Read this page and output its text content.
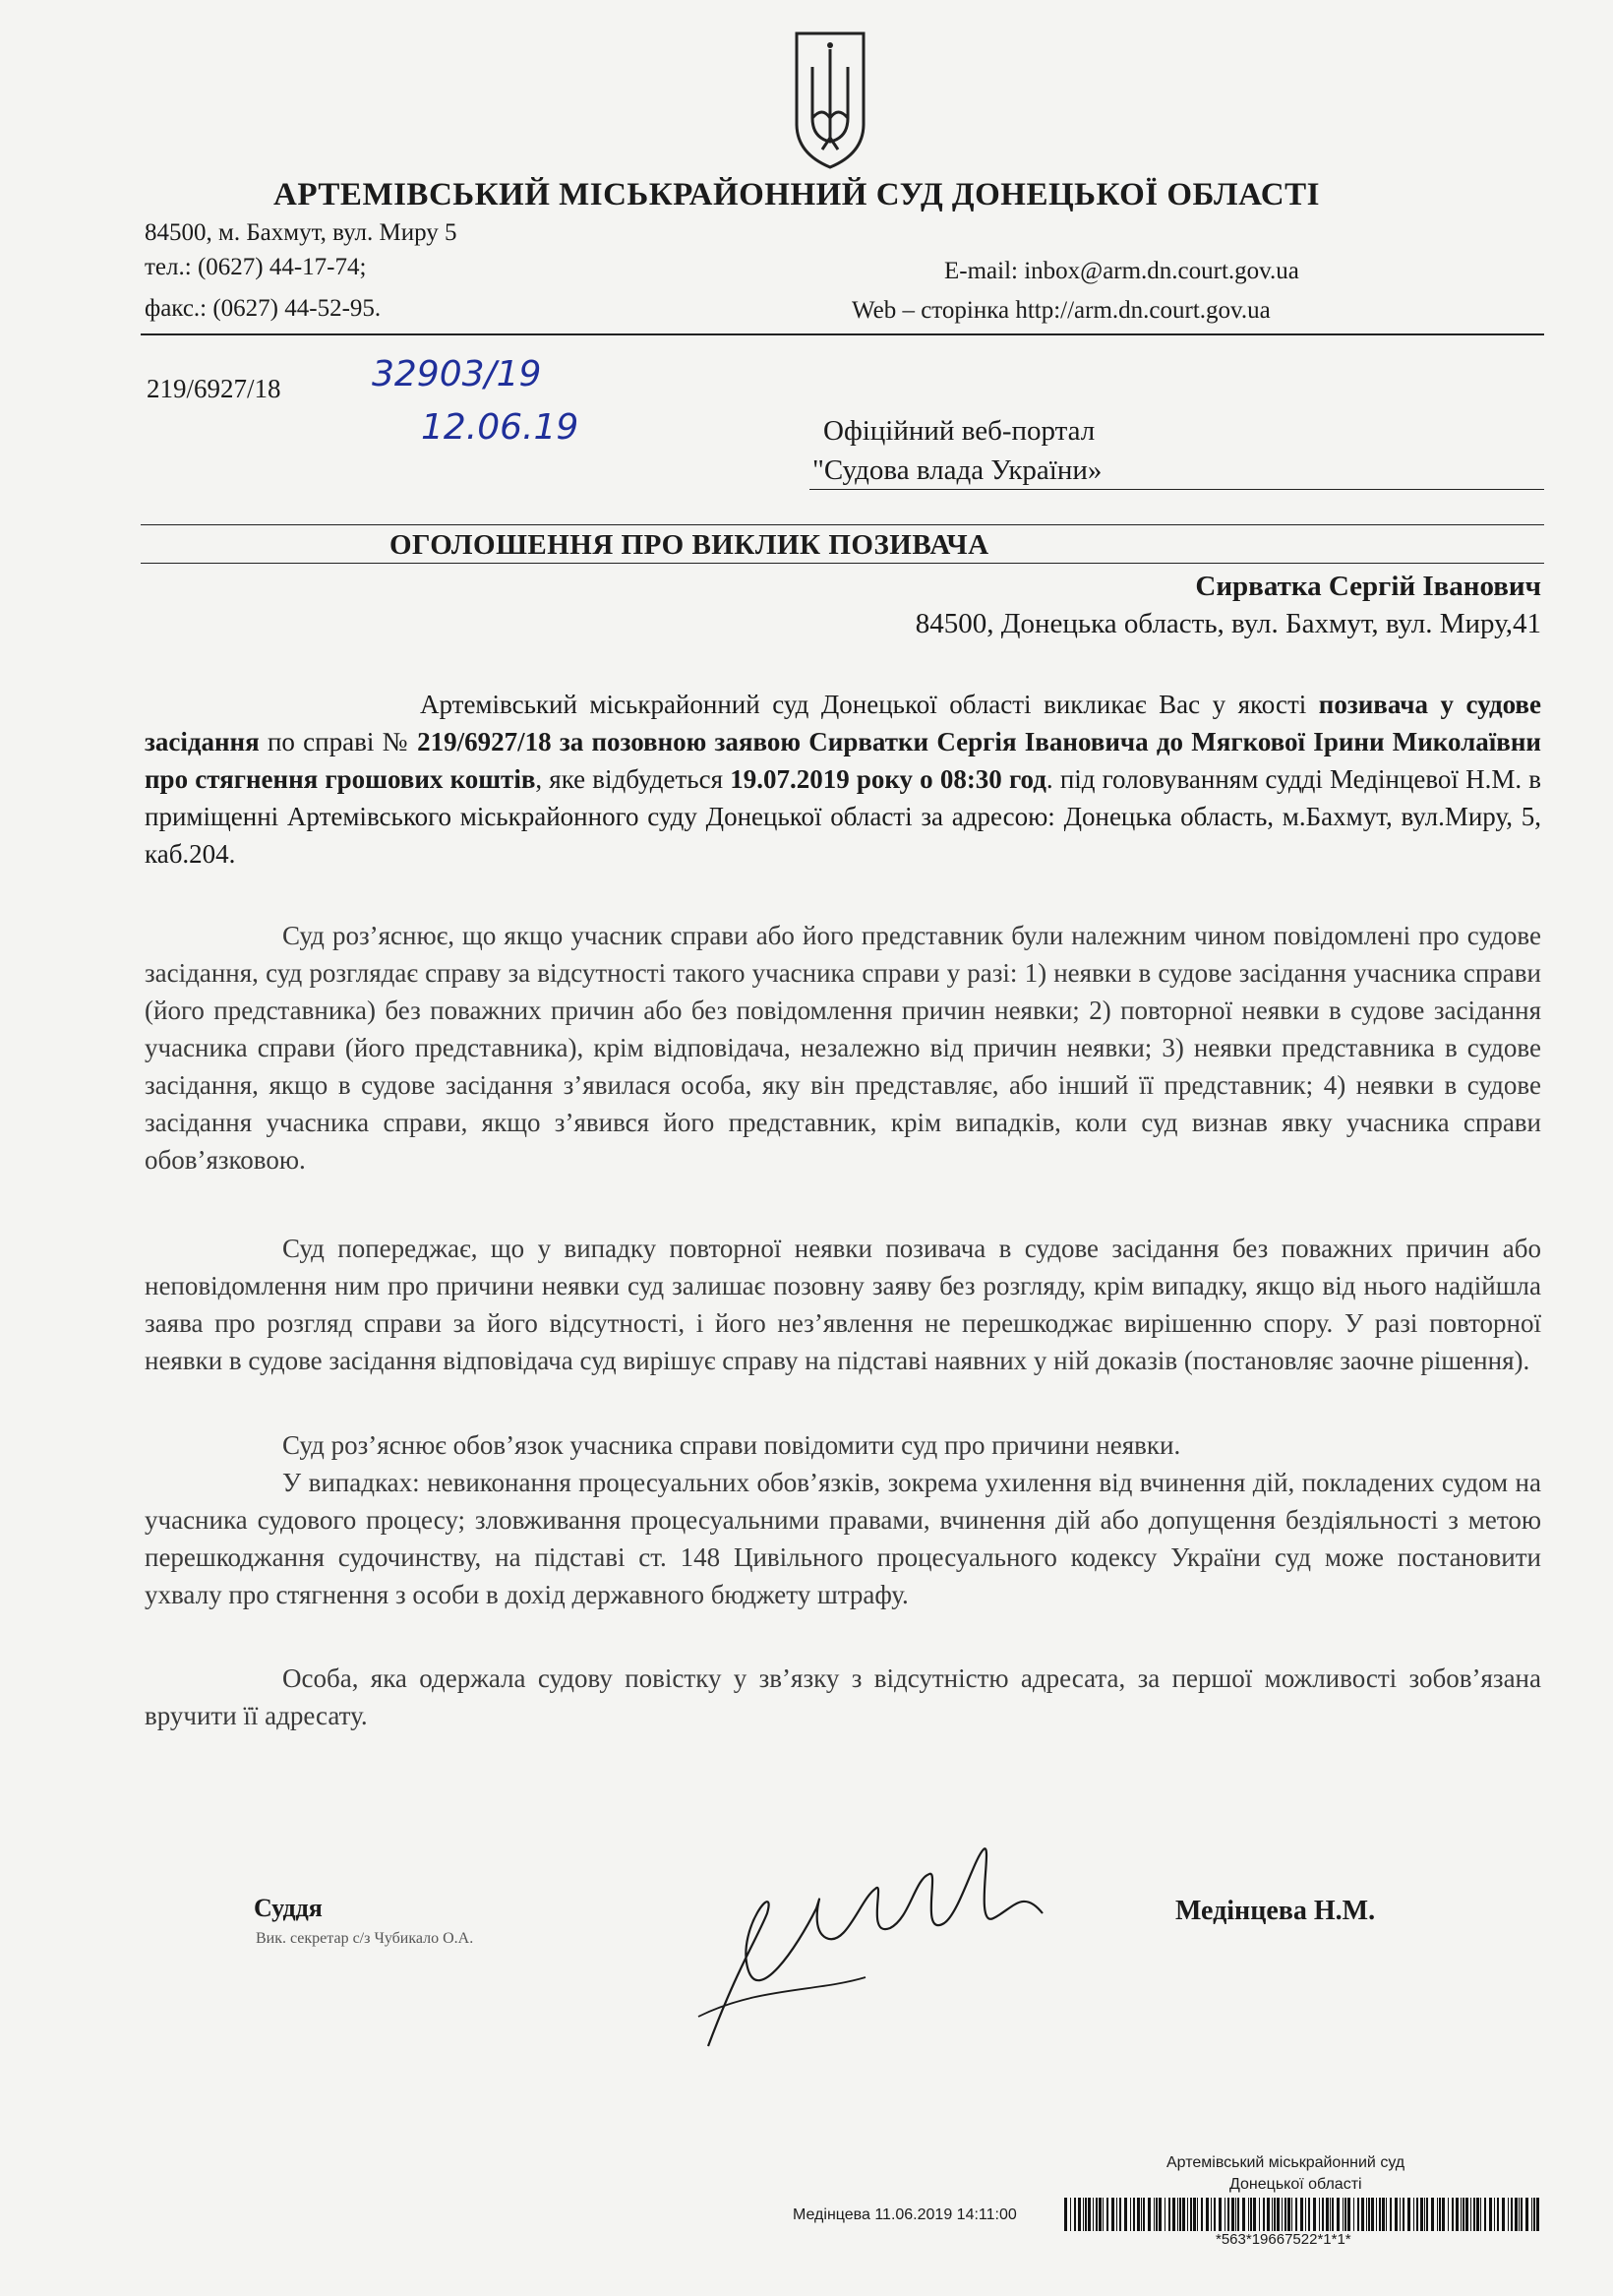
АРТЕМІВСЬКИЙ МІСЬКРАЙОННИЙ СУД ДОНЕЦЬКОЇ ОБЛАСТІ
84500, м. Бахмут, вул. Миру 5
тел.: (0627) 44-17-74;
факс.: (0627) 44-52-95.
E-mail: inbox@arm.dn.court.gov.ua
Web – сторінка http://arm.dn.court.gov.ua
219/6927/18	32903/19
12.06.19	Офіційний веб-портал
"Судова влада України»
ОГОЛОШЕННЯ ПРО ВИКЛИК ПОЗИВАЧА
Сирватка Сергій Іванович
84500, Донецька область, вул. Бахмут, вул. Миру,41
Артемівський міськрайонний суд Донецької області викликає Вас у якості позивача у судове засідання по справі № 219/6927/18 за позовною заявою Сирватки Сергія Івановича до Мягкової Ірини Миколаївни про стягнення грошових коштів, яке відбудеться 19.07.2019 року о 08:30 год. під головуванням судді Медінцевої Н.М. в приміщенні Артемівського міськрайонного суду Донецької області за адресою: Донецька область, м.Бахмут, вул.Миру, 5, каб.204.
Суд роз’яснює, що якщо учасник справи або його представник були належним чином повідомлені про судове засідання, суд розглядає справу за відсутності такого учасника справи у разі: 1) неявки в судове засідання учасника справи (його представника) без поважних причин або без повідомлення причин неявки; 2) повторної неявки в судове засідання учасника справи (його представника), крім відповідача, незалежно від причин неявки; 3) неявки представника в судове засідання, якщо в судове засідання з’явилася особа, яку він представляє, або інший її представник; 4) неявки в судове засідання учасника справи, якщо з’явився його представник, крім випадків, коли суд визнав явку учасника справи обов’язковою.
Суд попереджає, що у випадку повторної неявки позивача в судове засідання без поважних причин або неповідомлення ним про причини неявки суд залишає позовну заяву без розгляду, крім випадку, якщо від нього надійшла заява про розгляд справи за його відсутності, і його нез’явлення не перешкоджає вирішенню спору. У разі повторної неявки в судове засідання відповідача суд вирішує справу на підставі наявних у ній доказів (постановляє заочне рішення).
Суд роз’яснює обов’язок учасника справи повідомити суд про причини неявки.
У випадках: невиконання процесуальних обов’язків, зокрема ухилення від вчинення дій, покладених судом на учасника судового процесу; зловживання процесуальними правами, вчинення дій або допущення бездіяльності з метою перешкоджання судочинству, на підставі ст. 148 Цивільного процесуального кодексу України суд може постановити ухвалу про стягнення з особи в дохід державного бюджету штрафу.
Особа, яка одержала судову повістку у зв’язку з відсутністю адресата, за першої можливості зобов’язана вручити її адресату.
Суддя
Вик. секретар с/з Чубикало О.А.
Медінцева Н.М.
Артемівський міськрайонний суд
Донецької області
Медінцева 11.06.2019 14:11:00
*563*19667522*1*1*
